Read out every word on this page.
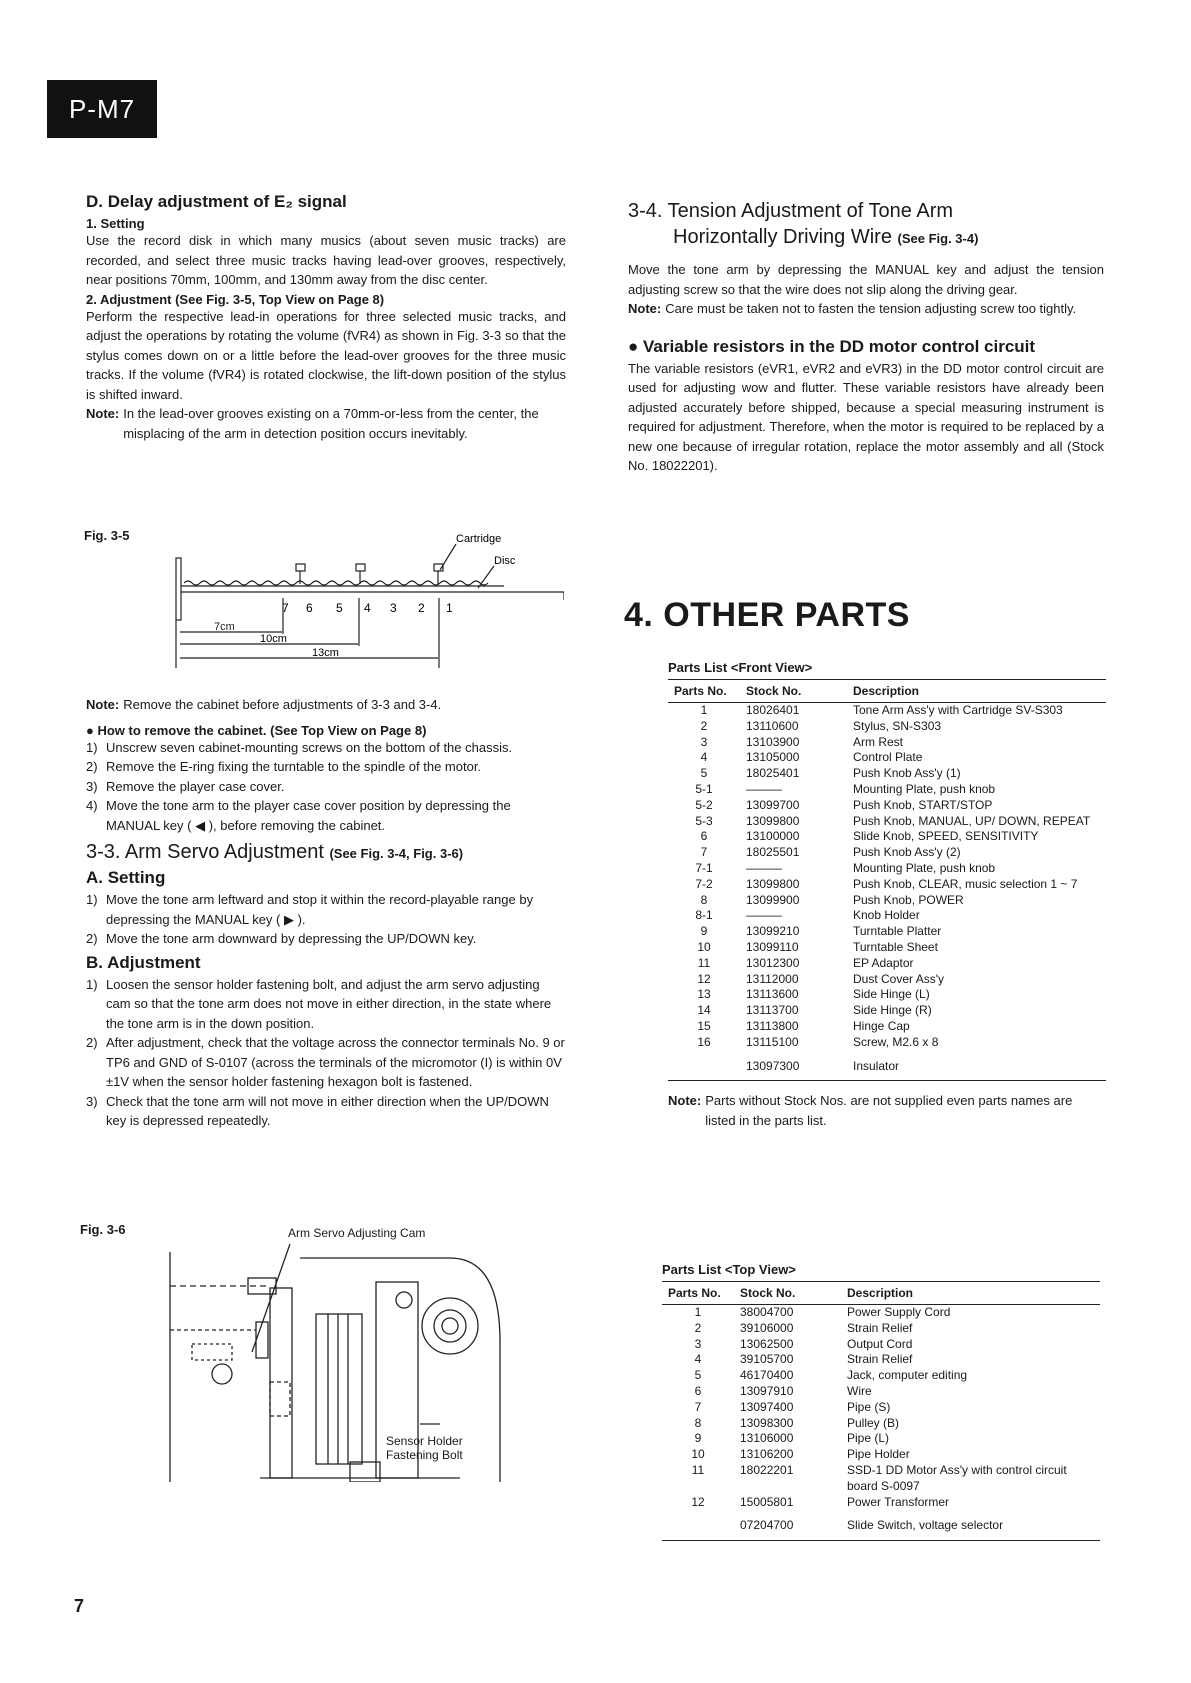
P-M7
D. Delay adjustment of E₂ signal
1. Setting

Use the record disk in which many musics (about seven music tracks) are recorded, and select three music tracks having lead-over grooves, respectively, near positions 70mm, 100mm, and 130mm away from the disc center.

2. Adjustment (See Fig. 3-5, Top View on Page 8)

Perform the respective lead-in operations for three selected music tracks, and adjust the operations by rotating the volume (fVR4) as shown in Fig. 3-3 so that the stylus comes down on or a little before the lead-over grooves for the three music tracks. If the volume (fVR4) is rotated clockwise, the lift-down position of the stylus is shifted inward.

Note: In the lead-over grooves existing on a 70mm-or-less from the center, the misplacing of the arm in detection position occurs inevitably.
Fig. 3-5	Cartridge
Disc
7 6 5 4 3 2 1
7cm
10cm
13cm
Note: Remove the cabinet before adjustments of 3-3 and 3-4.
● How to remove the cabinet. (See Top View on Page 8)
1) Unscrew seven cabinet-mounting screws on the bottom of the chassis.
2) Remove the E-ring fixing the turntable to the spindle of the motor.
3) Remove the player case cover.
4) Move the tone arm to the player case cover position by depressing the MANUAL key ( ◀ ), before removing the cabinet.
3-3. Arm Servo Adjustment (See Fig. 3-4, Fig. 3-6)
A. Setting
1) Move the tone arm leftward and stop it within the record-playable range by depressing the MANUAL key ( ▶ ).
2) Move the tone arm downward by depressing the UP/DOWN key.
B. Adjustment
1) Loosen the sensor holder fastening bolt, and adjust the arm servo adjusting cam so that the tone arm does not move in either direction, in the state where the tone arm is in the down position.
2) After adjustment, check that the voltage across the connector terminals No. 9 or TP6 and GND of S-0107 (across the terminals of the micromotor (I) is within 0V ±1V when the sensor holder fastening hexagon bolt is fastened.
3) Check that the tone arm will not move in either direction when the UP/DOWN key is depressed repeatedly.
Fig. 3-6	Arm Servo Adjusting Cam
Sensor Holder
Fastening Bolt
3-4. Tension Adjustment of Tone Arm
Horizontally Driving Wire (See Fig. 3-4)

Move the tone arm by depressing the MANUAL key and adjust the tension adjusting screw so that the wire does not slip along the driving gear.

Note: Care must be taken not to fasten the tension adjusting screw too tightly.
● Variable resistors in the DD motor control circuit

The variable resistors (eVR1, eVR2 and eVR3) in the DD motor control circuit are used for adjusting wow and flutter. These variable resistors have already been adjusted accurately before shipped, because a special measuring instrument is required for adjustment. Therefore, when the motor is required to be replaced by a new one because of irregular rotation, replace the motor assembly and all (Stock No. 18022201).

4. OTHER PARTS
Parts List <Front View>
Parts No.	Stock No.	Description
1	18026401	Tone Arm Ass'y with Cartridge SV-S303
2	13110600	Stylus, SN-S303
3	13103900	Arm Rest
4	13105000	Control Plate
5	18025401	Push Knob Ass'y (1)
5-1	———	Mounting Plate, push knob
5-2	13099700	Push Knob, START/STOP
5-3	13099800	Push Knob, MANUAL, UP/ DOWN, REPEAT
6	13100000	Slide Knob, SPEED, SENSITIVITY
7	18025501	Push Knob Ass'y (2)
7-1	———	Mounting Plate, push knob
7-2	13099800	Push Knob, CLEAR, music selection 1 ~ 7
8	13099900	Push Knob, POWER
8-1	———	Knob Holder
9	13099210	Turntable Platter
10	13099110	Turntable Sheet
11	13012300	EP Adaptor
12	13112000	Dust Cover Ass'y
13	13113600	Side Hinge (L)
14	13113700	Side Hinge (R)
15	13113800	Hinge Cap
16	13115100	Screw, M2.6 x 8
	13097300	Insulator
Note: Parts without Stock Nos. are not supplied even parts names are listed in the parts list.
Parts List <Top View>
Parts No.	Stock No.	Description
1	38004700	Power Supply Cord
2	39106000	Strain Relief
3	13062500	Output Cord
4	39105700	Strain Relief
5	46170400	Jack, computer editing
6	13097910	Wire
7	13097400	Pipe (S)
8	13098300	Pulley (B)
9	13106000	Pipe (L)
10	13106200	Pipe Holder
11	18022201	SSD-1 DD Motor Ass'y with control circuit board S-0097
12	15005801	Power Transformer
	07204700	Slide Switch, voltage selector
7
